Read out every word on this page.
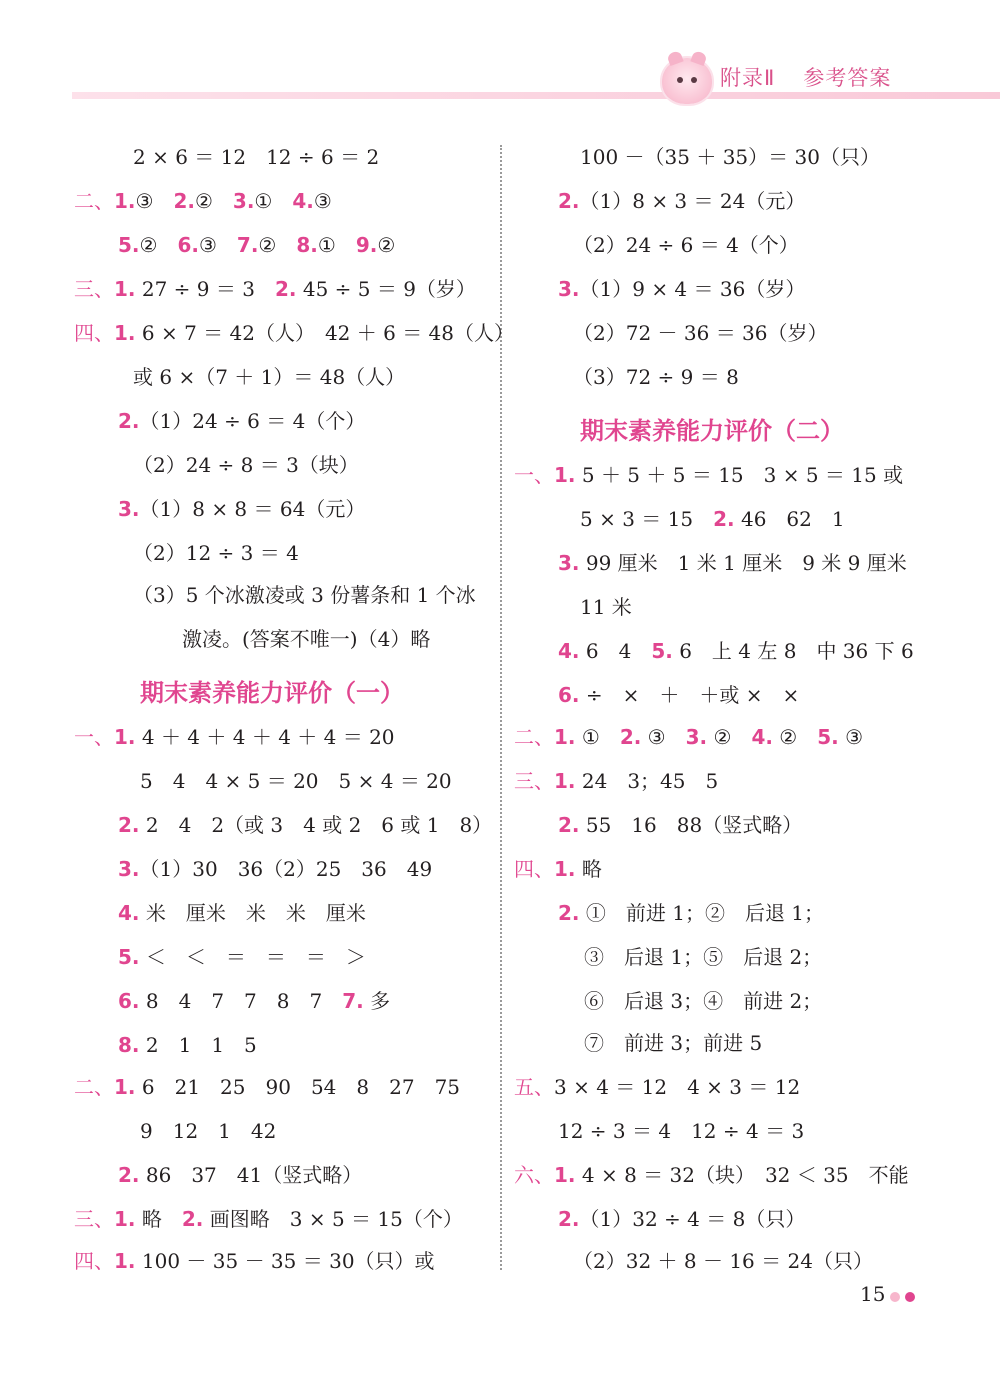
附录Ⅱ 参考答案
2 × 6 ＝ 12　12 ÷ 6 ＝ 2
二、1.③　2.②　3.①　4.③
5.②　6.③　7.②　8.①　9.②
三、1. 27 ÷ 9 ＝ 3　2. 45 ÷ 5 ＝ 9（岁）
四、1. 6 × 7 ＝ 42（人）　42 ＋ 6 ＝ 48（人）
或 6 ×（7 ＋ 1）＝ 48（人）
2.（1）24 ÷ 6 ＝ 4（个）
（2）24 ÷ 8 ＝ 3（块）
3.（1）8 × 8 ＝ 64（元）
（2）12 ÷ 3 ＝ 4
（3）5 个冰激凌或 3 份薯条和 1 个冰
激凌。(答案不唯一)（4）略
一、1. 4 ＋ 4 ＋ 4 ＋ 4 ＋ 4 ＝ 20
5　4　4 × 5 ＝ 20　5 × 4 ＝ 20
2. 2　4　2（或 3　4 或 2　6 或 1　8）
3.（1）30　36（2）25　36　49
4. 米　厘米　米　米　厘米
5. ＜　＜　＝　＝　＝　＞
6. 8　4　7　7　8　7　7. 多
8. 2　1　1　5
二、1. 6　21　25　90　54　8　27　75
9　12　1　42
2. 86　37　41（竖式略）
三、1. 略　2. 画图略　3 × 5 ＝ 15（个）
四、1. 100 － 35 － 35 ＝ 30（只）或
100 －（35 ＋ 35）＝ 30（只）
2.（1）8 × 3 ＝ 24（元）
（2）24 ÷ 6 ＝ 4（个）
3.（1）9 × 4 ＝ 36（岁）
（2）72 － 36 ＝ 36（岁）
（3）72 ÷ 9 ＝ 8
一、1. 5 ＋ 5 ＋ 5 ＝ 15　3 × 5 ＝ 15 或
5 × 3 ＝ 15　2. 46　62　1
3. 99 厘米　1 米 1 厘米　9 米 9 厘米
11 米
4. 6　4　5. 6　上 4 左 8　中 36 下 6
6. ÷　×　＋　＋或 ×　×
二、1. ①　2. ③　3. ②　4. ②　5. ③
三、1. 24　3；45　5
2. 55　16　88（竖式略）
四、1. 略
2. ①　前进 1；②　后退 1；
③　后退 1；⑤　后退 2；
⑥　后退 3；④　前进 2；
⑦　前进 3；前进 5
五、3 × 4 ＝ 12　4 × 3 ＝ 12
12 ÷ 3 ＝ 4　12 ÷ 4 ＝ 3
六、1. 4 × 8 ＝ 32（块）　32 ＜ 35　不能
2.（1）32 ÷ 4 ＝ 8（只）
（2）32 ＋ 8 － 16 ＝ 24（只）
期末素养能力评价（一）
期末素养能力评价（二）
15
